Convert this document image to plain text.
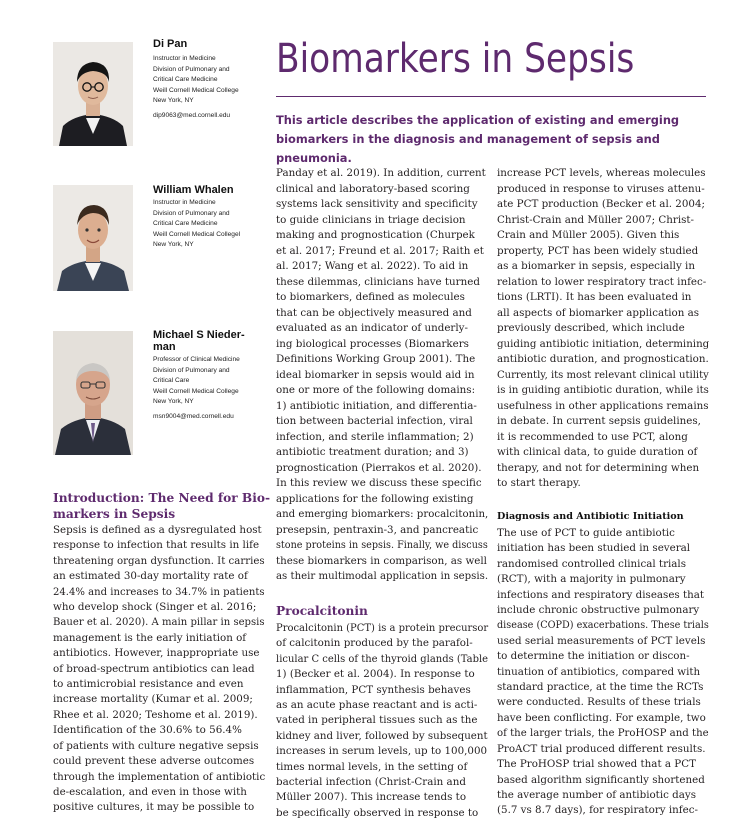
Di Pan
Instructor in Medicine
Division of Pulmonary and
Critical Care Medicine
Weill Cornell Medical College
New York, NY
dip9063@med.cornell.edu
William Whalen
Instructor in Medicine
Division of Pulmonary and
Critical Care Medicine
Weill Cornell Medical Collegel
New York, NY
Michael S Nieder-
man
Professor of Clinical Medicine
Division of Pulmonary and
Critical Care
Weill Cornell Medical College
New York, NY
msn9004@med.cornell.edu
Biomarkers in Sepsis
This article describes the application of existing and emerging biomarkers in the diagnosis and management of sepsis and pneumonia.
Introduction: The Need for Bio-
markers in Sepsis

Sepsis is defined as a dysregulated host

response to infection that results in life

threatening organ dysfunction. It carries

an estimated 30-day mortality rate of

24.4% and increases to 34.7% in patients

who develop shock (Singer et al. 2016;

Bauer et al. 2020). A main pillar in sepsis

management is the early initiation of

antibiotics. However, inappropriate use

of broad-spectrum antibiotics can lead

to antimicrobial resistance and even

increase mortality (Kumar et al. 2009;

Rhee et al. 2020; Teshome et al. 2019).

Identification of the 30.6% to 56.4%

of patients with culture negative sepsis

could prevent these adverse outcomes

through the implementation of antibiotic

de-escalation, and even in those with

positive cultures, it may be possible to

Panday et al. 2019). In addition, current

clinical and laboratory-based scoring

systems lack sensitivity and specificity

to guide clinicians in triage decision

making and prognostication (Churpek

et al. 2017; Freund et al. 2017; Raith et

al. 2017; Wang et al. 2022). To aid in

these dilemmas, clinicians have turned

to biomarkers, defined as molecules

that can be objectively measured and

evaluated as an indicator of underly-

ing biological processes (Biomarkers

Definitions Working Group 2001). The

ideal biomarker in sepsis would aid in

one or more of the following domains:

1) antibiotic initiation, and differentia-

tion between bacterial infection, viral

infection, and sterile inflammation; 2)

antibiotic treatment duration; and 3)

prognostication (Pierrakos et al. 2020).

In this review we discuss these specific

applications for the following existing

and emerging biomarkers: procalcitonin,

presepsin, pentraxin-3, and pancreatic

stone proteins in sepsis. Finally, we discuss

these biomarkers in comparison, as well

as their multimodal application in sepsis.

Procalcitonin

Procalcitonin (PCT) is a protein precursor

of calcitonin produced by the parafol-

licular C cells of the thyroid glands (Table

1) (Becker et al. 2004). In response to

inflammation, PCT synthesis behaves

as an acute phase reactant and is acti-

vated in peripheral tissues such as the

kidney and liver, followed by subsequent

increases in serum levels, up to 100,000

times normal levels, in the setting of

bacterial infection (Christ-Crain and

Müller 2007). This increase tends to

be specifically observed in response to

increase PCT levels, whereas molecules

produced in response to viruses attenu-

ate PCT production (Becker et al. 2004;

Christ-Crain and Müller 2007; Christ-

Crain and Müller 2005). Given this

property, PCT has been widely studied

as a biomarker in sepsis, especially in

relation to lower respiratory tract infec-

tions (LRTI). It has been evaluated in

all aspects of biomarker application as

previously described, which include

guiding antibiotic initiation, determining

antibiotic duration, and prognostication.

Currently, its most relevant clinical utility

is in guiding antibiotic duration, while its

usefulness in other applications remains

in debate. In current sepsis guidelines,

it is recommended to use PCT, along

with clinical data, to guide duration of

therapy, and not for determining when

to start therapy.

Diagnosis and Antibiotic Initiation

The use of PCT to guide antibiotic

initiation has been studied in several

randomised controlled clinical trials

(RCT), with a majority in pulmonary

infections and respiratory diseases that

include chronic obstructive pulmonary

disease (COPD) exacerbations. These trials

used serial measurements of PCT levels

to determine the initiation or discon-

tinuation of antibiotics, compared with

standard practice, at the time the RCTs

were conducted. Results of these trials

have been conflicting. For example, two

of the larger trials, the ProHOSP and the

ProACT trial produced different results.

The ProHOSP trial showed that a PCT

based algorithm significantly shortened

the average number of antibiotic days

(5.7 vs 8.7 days), for respiratory infec-
